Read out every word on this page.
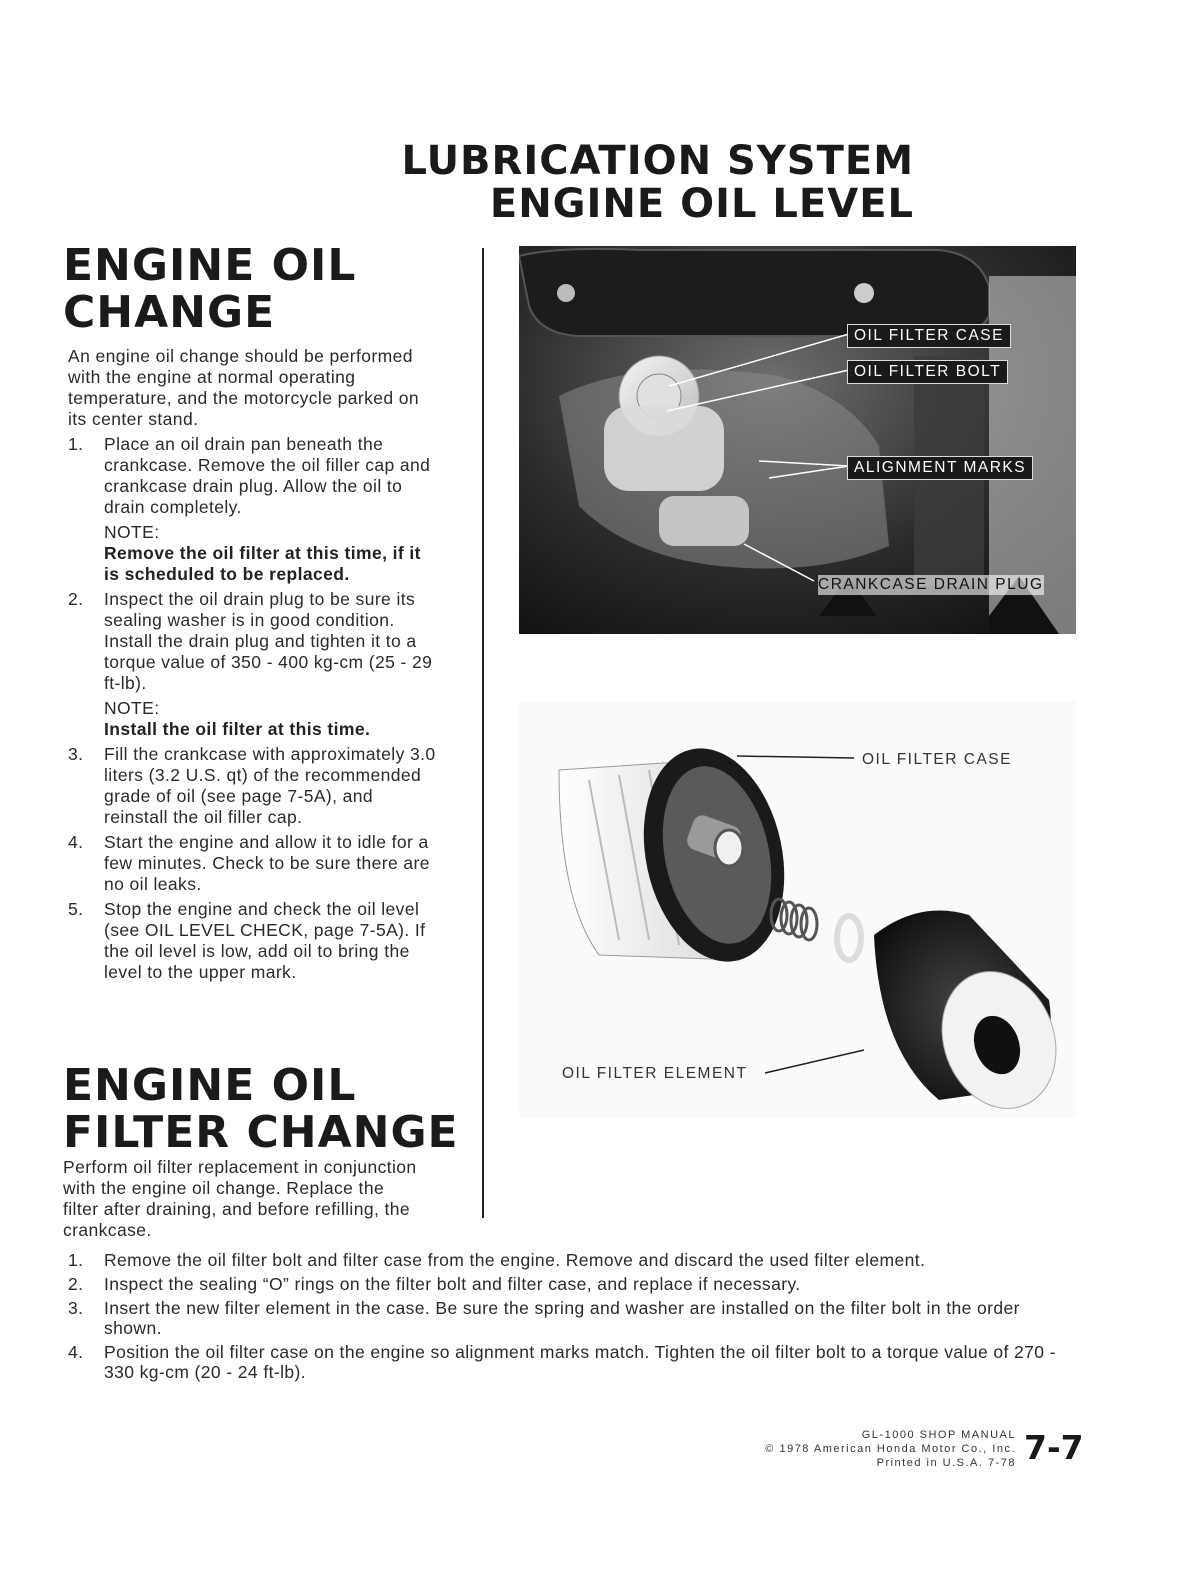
LUBRICATION SYSTEM
ENGINE OIL LEVEL
ENGINE OIL
CHANGE

An engine oil change should be performed with the engine at normal operating temperature, and the motorcycle parked on its center stand.

1.	Place an oil drain pan beneath the crankcase. Remove the oil filler cap and crankcase drain plug. Allow the oil to drain completely.
NOTE:
Remove the oil filter at this time, if it is scheduled to be replaced.
2.	Inspect the oil drain plug to be sure its sealing washer is in good condition. Install the drain plug and tighten it to a torque value of 350 - 400 kg-cm (25 - 29 ft-lb).
NOTE:
Install the oil filter at this time.
3.	Fill the crankcase with approximately 3.0 liters (3.2 U.S. qt) of the recommended grade of oil (see page 7-5A), and reinstall the oil filler cap.
4.	Start the engine and allow it to idle for a few minutes. Check to be sure there are no oil leaks.
5.	Stop the engine and check the oil level (see OIL LEVEL CHECK, page 7-5A). If the oil level is low, add oil to bring the level to the upper mark.
ENGINE OIL
FILTER CHANGE

Perform oil filter replacement in conjunction with the engine oil change. Replace the filter after draining, and before refilling, the crankcase.

1.	Remove the oil filter bolt and filter case from the engine. Remove and discard the used filter element.
2.	Inspect the sealing “O” rings on the filter bolt and filter case, and replace if necessary.
3.	Insert the new filter element in the case. Be sure the spring and washer are installed on the filter bolt in the order shown.
4.	Position the oil filter case on the engine so alignment marks match. Tighten the oil filter bolt to a torque value of 270 - 330 kg-cm (20 - 24 ft-lb).
OIL FILTER CASE
OIL FILTER BOLT
ALIGNMENT MARKS
CRANKCASE DRAIN PLUG
OIL FILTER CASE
OIL FILTER ELEMENT
GL-1000 SHOP MANUAL
© 1978 American Honda Motor Co., Inc.
Printed in U.S.A. 7-78 7-7
